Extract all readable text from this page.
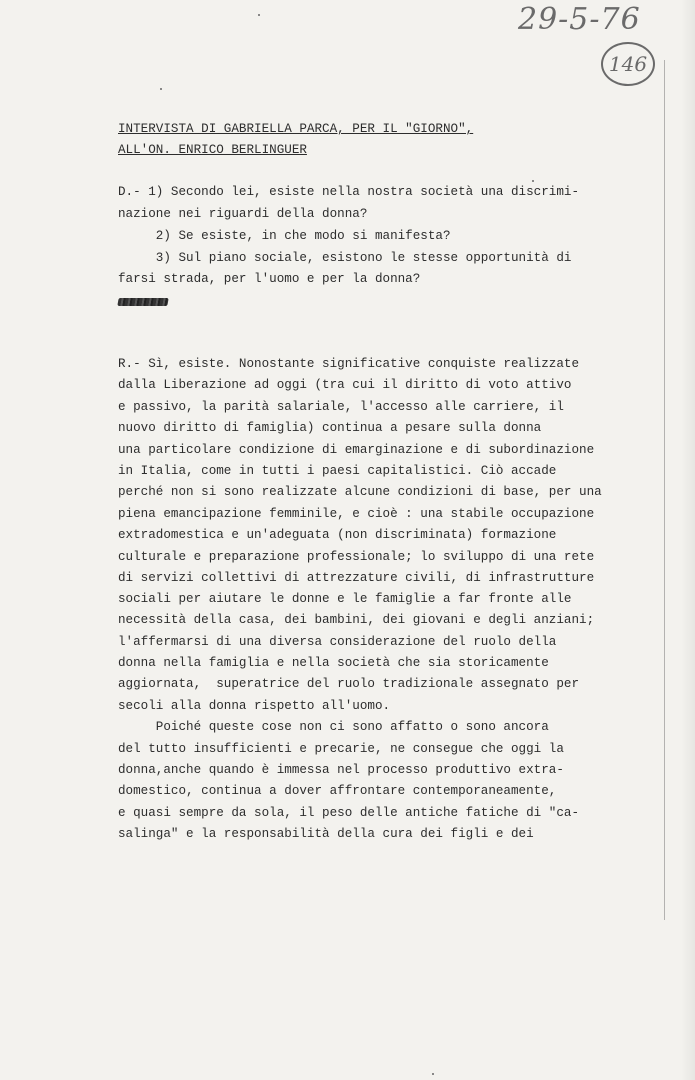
29-5-76
146
INTERVISTA DI GABRIELLA PARCA, PER IL "GIORNO",
ALL'ON. ENRICO BERLINGUER
D.- 1) Secondo lei, esiste nella nostra società una discrimi-
nazione nei riguardi della donna?
2) Se esiste, in che modo si manifesta?
3) Sul piano sociale, esistono le stesse opportunità di
farsi strada, per l'uomo e per la donna?
R.- Sì, esiste. Nonostante significative conquiste realizzate
dalla Liberazione ad oggi (tra cui il diritto di voto attivo
e passivo, la parità salariale, l'accesso alle carriere, il
nuovo diritto di famiglia) continua a pesare sulla donna
una particolare condizione di emarginazione e di subordinazione
in Italia, come in tutti i paesi capitalistici. Ciò accade
perché non si sono realizzate alcune condizioni di base, per una
piena emancipazione femminile, e cioè : una stabile occupazione
extradomestica e un'adeguata (non discriminata) formazione
culturale e preparazione professionale; lo sviluppo di una rete
di servizi collettivi di attrezzature civili, di infrastrutture
sociali per aiutare le donne e le famiglie a far fronte alle
necessità della casa, dei bambini, dei giovani e degli anziani;
l'affermarsi di una diversa considerazione del ruolo della
donna nella famiglia e nella società che sia storicamente
aggiornata,  superatrice del ruolo tradizionale assegnato per
secoli alla donna rispetto all'uomo.
Poiché queste cose non ci sono affatto o sono ancora
del tutto insufficienti e precarie, ne consegue che oggi la
donna,anche quando è immessa nel processo produttivo extra-
domestico, continua a dover affrontare contemporaneamente,
e quasi sempre da sola, il peso delle antiche fatiche di "ca-
salinga" e la responsabilità della cura dei figli e dei
